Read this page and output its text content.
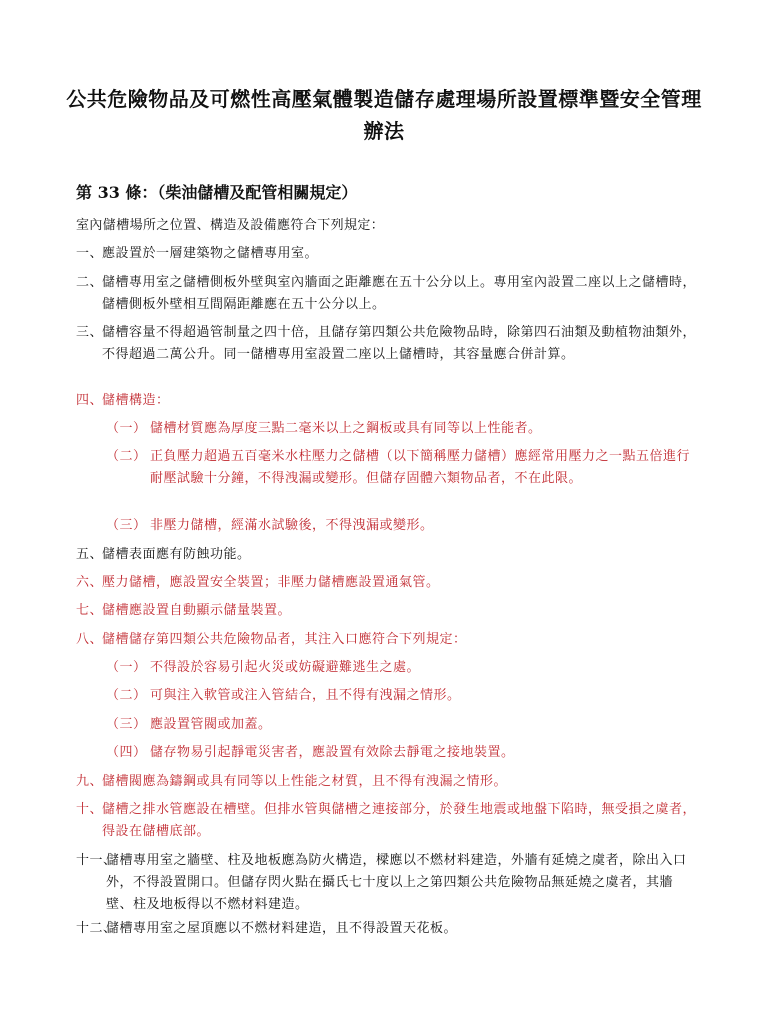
公共危險物品及可燃性高壓氣體製造儲存處理場所設置標準暨安全管理辦法
第 33 條：（柴油儲槽及配管相關規定）
室內儲槽場所之位置、構造及設備應符合下列規定：
一、
應設置於一層建築物之儲槽專用室。
二、
儲槽專用室之儲槽側板外壁與室內牆面之距離應在五十公分以上。專用室內設置二座以上之儲槽時，儲槽側板外壁相互間隔距離應在五十公分以上。
三、
儲槽容量不得超過管制量之四十倍，且儲存第四類公共危險物品時，除第四石油類及動植物油類外，不得超過二萬公升。同一儲槽專用室設置二座以上儲槽時，其容量應合併計算。
四、
儲槽構造：
（一） 儲槽材質應為厚度三點二毫米以上之鋼板或具有同等以上性能者。
（二） 正負壓力超過五百毫米水柱壓力之儲槽（以下簡稱壓力儲槽）應經常用壓力之一點五倍進行耐壓試驗十分鐘，不得洩漏或變形。但儲存固體六類物品者，不在此限。
（三） 非壓力儲槽，經滿水試驗後，不得洩漏或變形。
五、
儲槽表面應有防蝕功能。
六、
壓力儲槽，應設置安全裝置；非壓力儲槽應設置通氣管。
七、
儲槽應設置自動顯示儲量裝置。
八、
儲槽儲存第四類公共危險物品者，其注入口應符合下列規定：
（一） 不得設於容易引起火災或妨礙避難逃生之處。
（二） 可與注入軟管或注入管結合，且不得有洩漏之情形。
（三） 應設置管閥或加蓋。
（四） 儲存物易引起靜電災害者，應設置有效除去靜電之接地裝置。
九、
儲槽閥應為鑄鋼或具有同等以上性能之材質，且不得有洩漏之情形。
十、
儲槽之排水管應設在槽壁。但排水管與儲槽之連接部分，於發生地震或地盤下陷時，無受損之虞者，得設在儲槽底部。
十一、
儲槽專用室之牆壁、柱及地板應為防火構造，樑應以不燃材料建造，外牆有延燒之虞者，除出入口外，不得設置開口。但儲存閃火點在攝氏七十度以上之第四類公共危險物品無延燒之虞者，其牆壁、柱及地板得以不燃材料建造。
十二、
儲槽專用室之屋頂應以不燃材料建造，且不得設置天花板。
